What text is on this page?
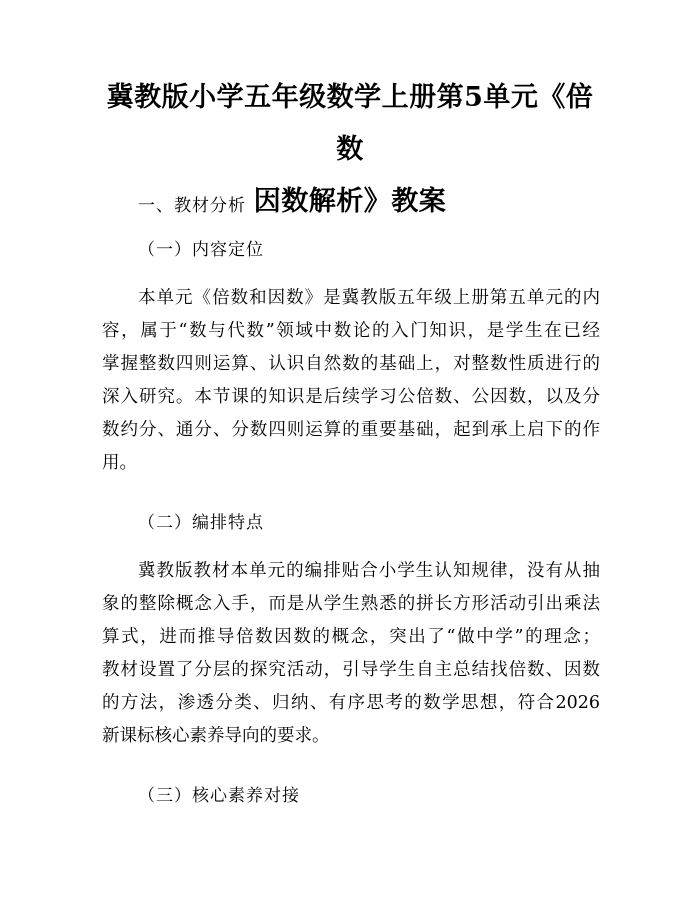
冀教版小学五年级数学上册第5单元《倍数
因数解析》教案
一、教材分析
（一）内容定位
本单元《倍数和因数》是冀教版五年级上册第五单元的内
容，属于“数与代数”领域中数论的入门知识，是学生在已经
掌握整数四则运算、认识自然数的基础上，对整数性质进行的
深入研究。本节课的知识是后续学习公倍数、公因数，以及分
数约分、通分、分数四则运算的重要基础，起到承上启下的作
用。
（二）编排特点
冀教版教材本单元的编排贴合小学生认知规律，没有从抽
象的整除概念入手，而是从学生熟悉的拼长方形活动引出乘法
算式，进而推导倍数因数的概念，突出了“做中学”的理念；
教材设置了分层的探究活动，引导学生自主总结找倍数、因数
的方法，渗透分类、归纳、有序思考的数学思想，符合2026
新课标核心素养导向的要求。
（三）核心素养对接
